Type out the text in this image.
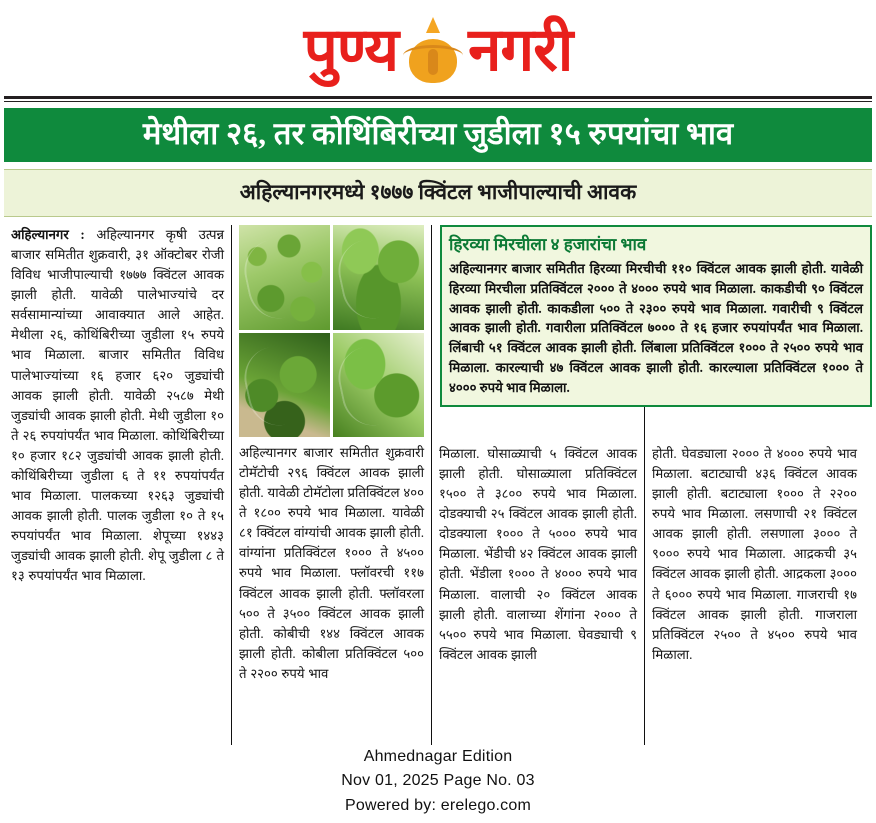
पुण्य नगरी
मेथीला २६, तर कोथिंबिरीच्या जुडीला १५ रुपयांचा भाव
अहिल्यानगरमध्ये १७७७ क्विंटल भाजीपाल्याची आवक

अहिल्यानगर : अहिल्यानगर कृषी उत्पन्न बाजार समितीत शुक्रवारी, ३१ ऑक्टोबर रोजी विविध भाजीपाल्याची १७७७ क्विंटल आवक झाली होती. यावेळी पालेभाज्यांचे दर सर्वसामान्यांच्या आवाक्यात आले आहेत. मेथीला २६, कोथिंबिरीच्या जुडीला १५ रुपये भाव मिळाला. बाजार समितीत विविध पालेभाज्यांच्या १६ हजार ६२० जुड्यांची आवक झाली होती. यावेळी २५८७ मेथी जुड्यांची आवक झाली होती. मेथी जुडीला १० ते २६ रुपयांपर्यंत भाव मिळाला. कोथिंबिरीच्या १० हजार १८२ जुड्यांची आवक झाली होती. कोथिंबिरीच्या जुडीला ६ ते ११ रुपयांपर्यंत भाव मिळाला. पालकच्या १२६३ जुड्यांची आवक झाली होती. पालक जुडीला १० ते १५ रुपयांपर्यंत भाव मिळाला. शेपूच्या १४४३ जुड्यांची आवक झाली होती. शेपू जुडीला ८ ते १३ रुपयांपर्यंत भाव मिळाला.

अहिल्यानगर बाजार समितीत शुक्रवारी टोमॅटोची २९६ क्विंटल आवक झाली होती. यावेळी टोमॅटोला प्रतिक्विंटल ४०० ते १८०० रुपये भाव मिळाला. यावेळी ८१ क्विंटल वांग्यांची आवक झाली होती. वांग्यांना प्रतिक्विंटल १००० ते ४५०० रुपये भाव मिळाला. फ्लॉवरची ११७ क्विंटल आवक झाली होती. फ्लॉवरला ५०० ते ३५०० क्विंटल आवक झाली होती. कोबीची १४४ क्विंटल आवक झाली होती. कोबीला प्रतिक्विंटल ५०० ते २२०० रुपये भाव

मिळाला. घोसाळ्याची ५ क्विंटल आवक झाली होती. घोसाळ्याला प्रतिक्विंटल १५०० ते ३८०० रुपये भाव मिळाला. दोडक्याची २५ क्विंटल आवक झाली होती. दोडक्याला १००० ते ५००० रुपये भाव मिळाला. भेंडीची ४२ क्विंटल आवक झाली होती. भेंडीला १००० ते ४००० रुपये भाव मिळाला. वालाची २० क्विंटल आवक झाली होती. वालाच्या शेंगांना २००० ते ५५०० रुपये भाव मिळाला. घेवड्याची ९ क्विंटल आवक झाली

होती. घेवड्याला २००० ते ४००० रुपये भाव मिळाला. बटाट्याची ४३६ क्विंटल आवक झाली होती. बटाट्याला १००० ते २२०० रुपये भाव मिळाला. लसणाची २१ क्विंटल आवक झाली होती. लसणाला ३००० ते ९००० रुपये भाव मिळाला. आद्रकची ३५ क्विंटल आवक झाली होती. आद्रकला ३००० ते ६००० रुपये भाव मिळाला. गाजराची १७ क्विंटल आवक झाली होती. गाजराला प्रतिक्विंटल २५०० ते ४५०० रुपये भाव मिळाला.

हिरव्या मिरचीला ४ हजारांचा भाव

अहिल्यानगर बाजार समितीत हिरव्या मिरचीची ११० क्विंटल आवक झाली होती. यावेळी हिरव्या मिरचीला प्रतिक्विंटल २००० ते ४००० रुपये भाव मिळाला. काकडीची ९० क्विंटल आवक झाली होती. काकडीला ५०० ते २३०० रुपये भाव मिळाला. गवारीची ९ क्विंटल आवक झाली होती. गवारीला प्रतिक्विंटल ७००० ते १६ हजार रुपयांपर्यंत भाव मिळाला. लिंबाची ५१ क्विंटल आवक झाली होती. लिंबाला प्रतिक्विंटल १००० ते २५०० रुपये भाव मिळाला. कारल्याची ४७ क्विंटल आवक झाली होती. कारल्याला प्रतिक्विंटल १००० ते ४००० रुपये भाव मिळाला.

Ahmednagar Edition
Nov 01, 2025 Page No. 03
Powered by: erelego.com
